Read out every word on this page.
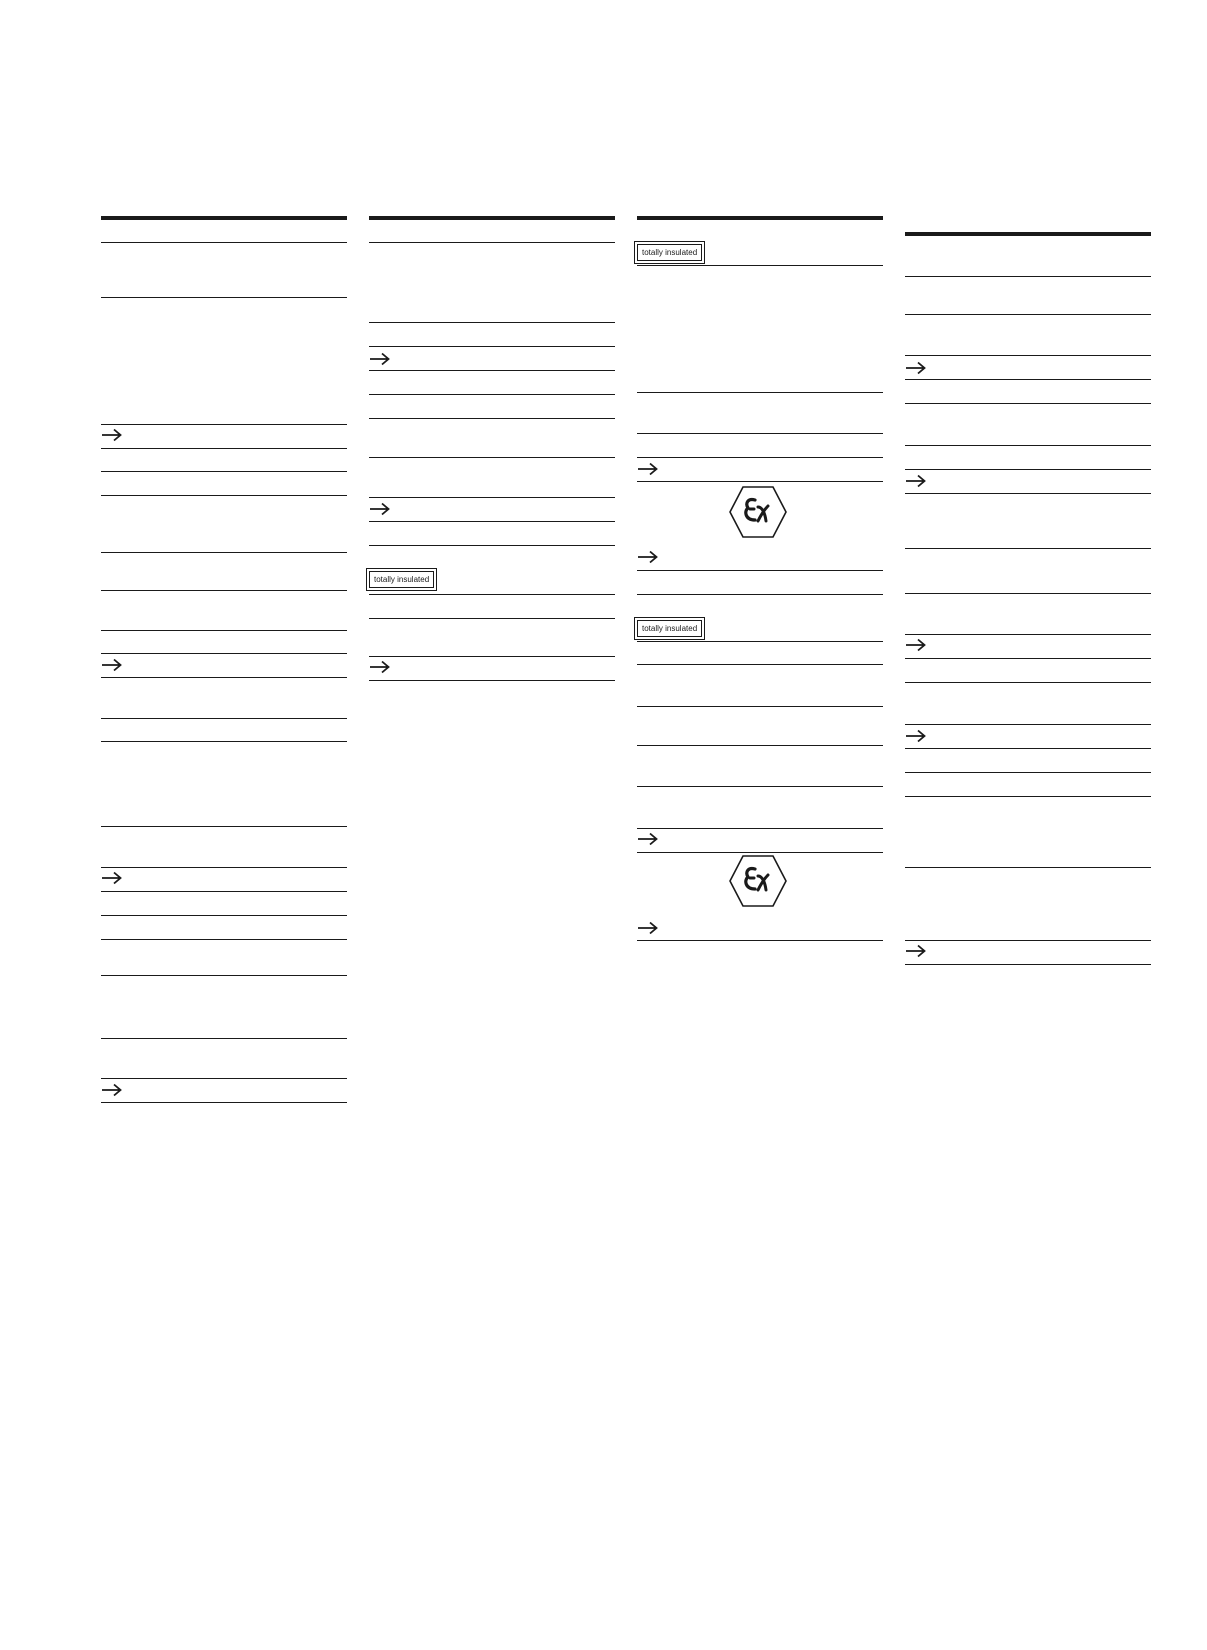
totally insulated
totally insulated
totally insulated
